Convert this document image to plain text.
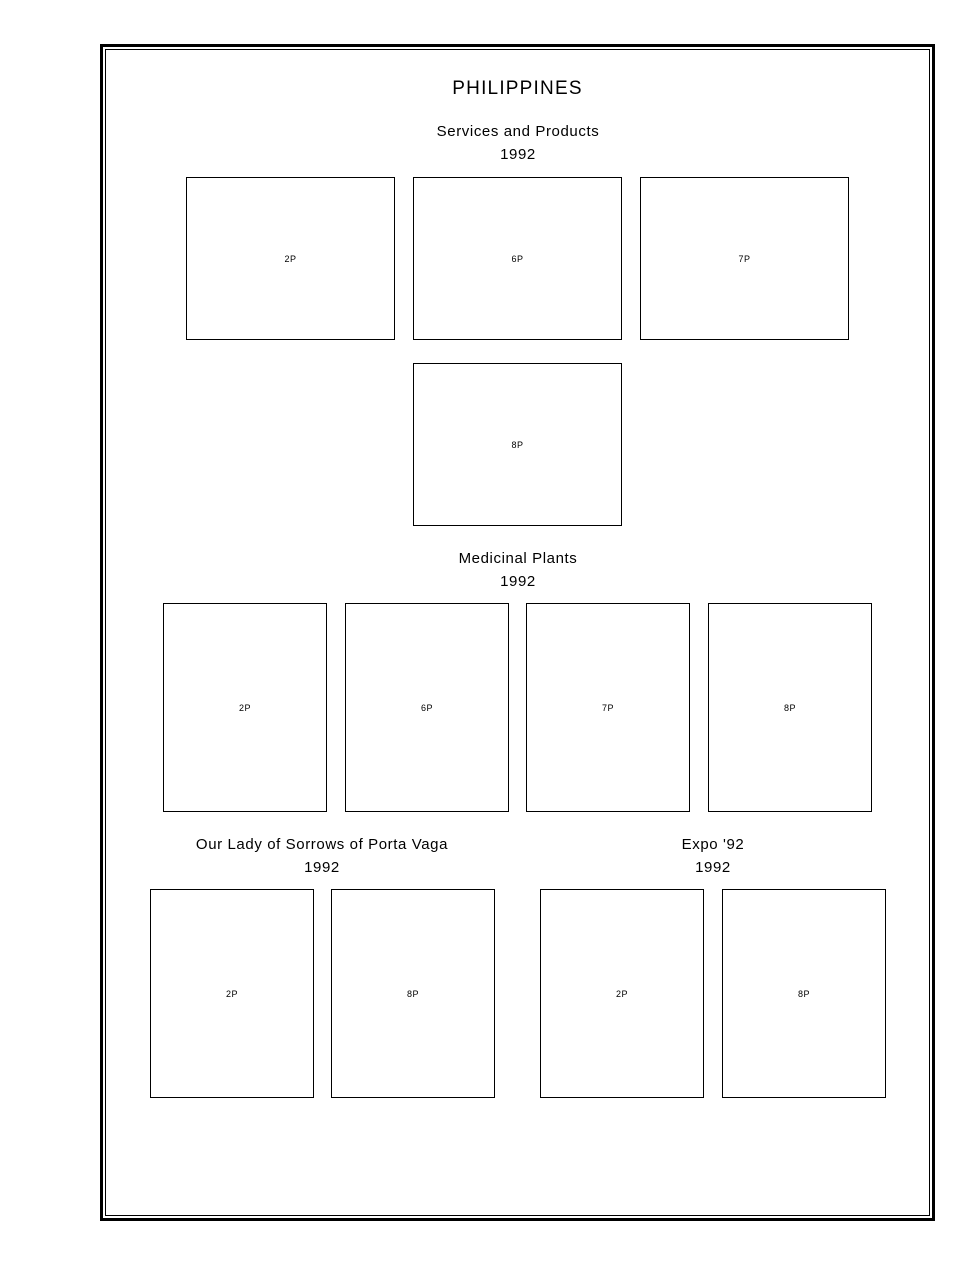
PHILIPPINES
Services and Products
1992
2P	6P	7P
8P
Medicinal Plants
1992
2P	6P	7P	8P
Our Lady of Sorrows of Porta Vaga
1992
2P	8P
Expo '92
1992
2P	8P
